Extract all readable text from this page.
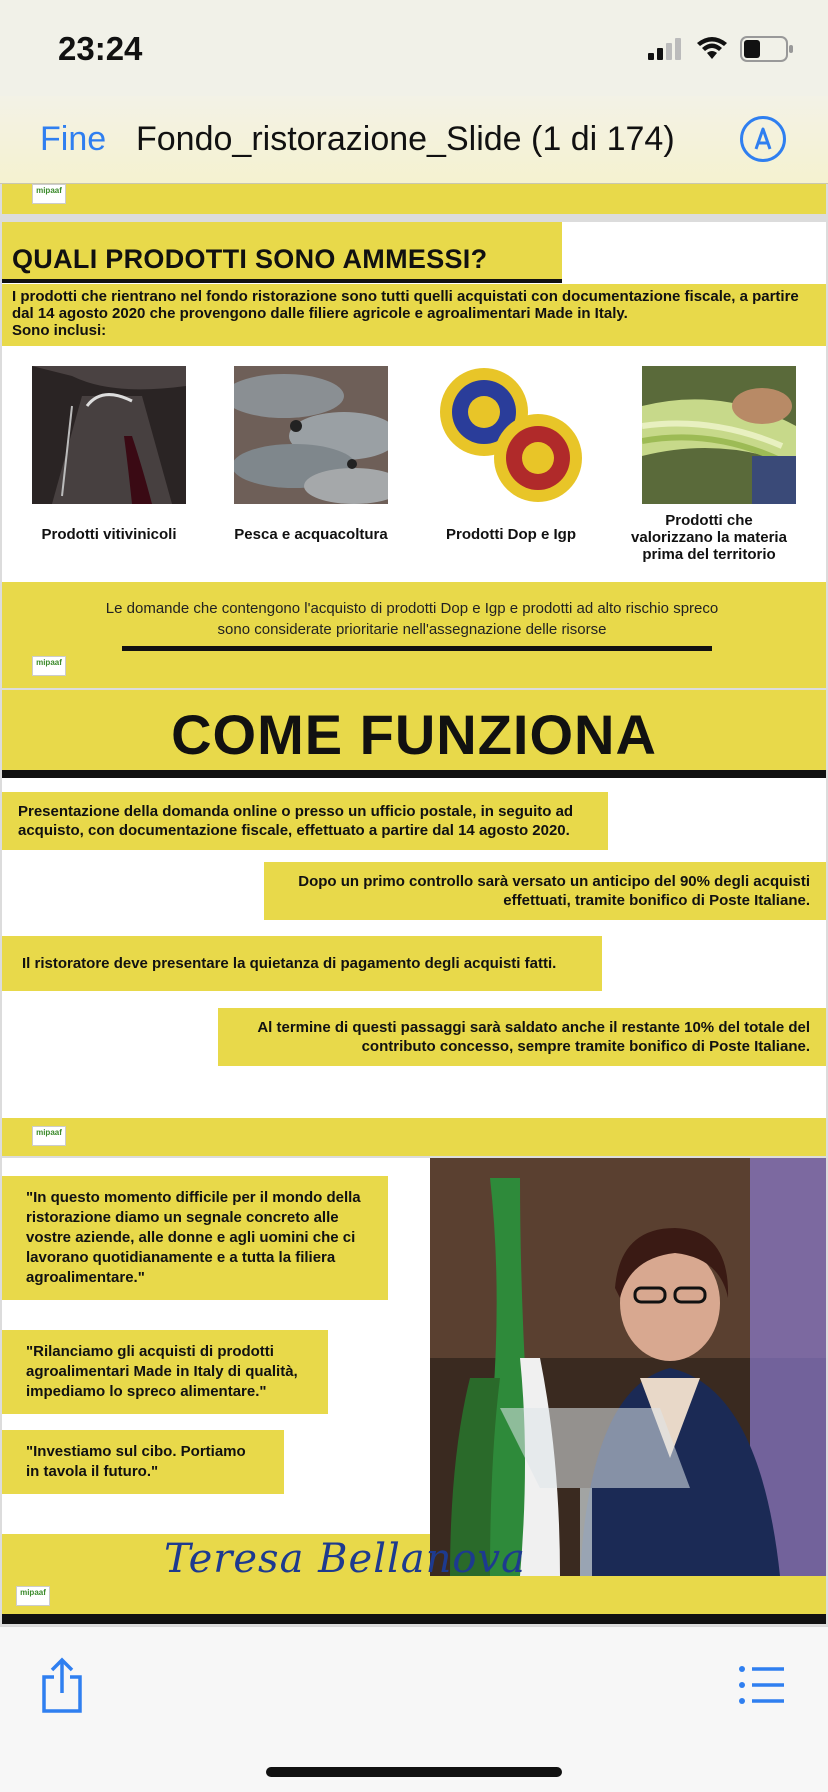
23:24
Fine Fondo_ristorazione_Slide (1 di 174)
mipaaf
QUALI PRODOTTI SONO AMMESSI?
I prodotti che rientrano nel fondo ristorazione sono tutti quelli acquistati con documentazione fiscale, a partire dal 14 agosto 2020 che provengono dalle filiere agricole e agroalimentari Made in Italy.
Sono inclusi:
Prodotti vitivinicoli	Pesca e acquacoltura	Prodotti Dop e Igp
Prodotti che valorizzano la materia prima del territorio
Le domande che contengono l'acquisto di prodotti Dop e Igp e prodotti ad alto rischio spreco sono considerate prioritarie nell'assegnazione delle risorse
mipaaf
COME FUNZIONA
Presentazione della domanda online o presso un ufficio postale, in seguito ad acquisto, con documentazione fiscale, effettuato a partire dal 14 agosto 2020.
Dopo un primo controllo sarà versato un anticipo del 90% degli acquisti effettuati, tramite bonifico di Poste Italiane.
Il ristoratore deve presentare la quietanza di pagamento degli acquisti fatti.
Al termine di questi passaggi sarà saldato anche il restante 10% del totale del contributo concesso, sempre tramite bonifico di Poste Italiane.
mipaaf
"In questo momento difficile per il mondo della ristorazione diamo un segnale concreto alle vostre aziende, alle donne e agli uomini che ci lavorano quotidianamente e a tutta la filiera agroalimentare."
"Rilanciamo gli acquisti di prodotti agroalimentari Made in Italy di qualità, impediamo lo spreco alimentare."
"Investiamo sul cibo. Portiamo in tavola il futuro."
mipaaf
Teresa Bellanova
